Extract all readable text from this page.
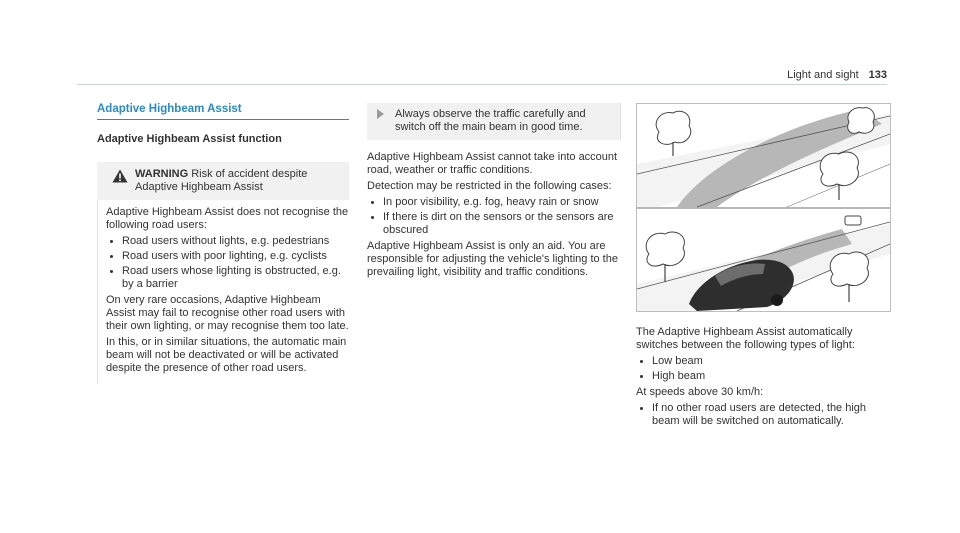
Light and sight 133
Adaptive Highbeam Assist
Adaptive Highbeam Assist function
WARNING Risk of accident despite Adaptive Highbeam Assist

Adaptive Highbeam Assist does not recognise the following road users:

Road users without lights, e.g. pedestrians
Road users with poor lighting, e.g. cyclists
Road users whose lighting is obstructed, e.g. by a barrier

On very rare occasions, Adaptive Highbeam Assist may fail to recognise other road users with their own lighting, or may recognise them too late.

In this, or in similar situations, the automatic main beam will not be deactivated or will be activated despite the presence of other road users.

Always observe the traffic carefully and switch off the main beam in good time.

Adaptive Highbeam Assist cannot take into account road, weather or traffic conditions.

Detection may be restricted in the following cases:

In poor visibility, e.g. fog, heavy rain or snow
If there is dirt on the sensors or the sensors are obscured

Adaptive Highbeam Assist is only an aid. You are responsible for adjusting the vehicle's lighting to the prevailing light, visibility and traffic conditions.

The Adaptive Highbeam Assist automatically switches between the following types of light:

Low beam
High beam

At speeds above 30 km/h:

If no other road users are detected, the high beam will be switched on automatically.
